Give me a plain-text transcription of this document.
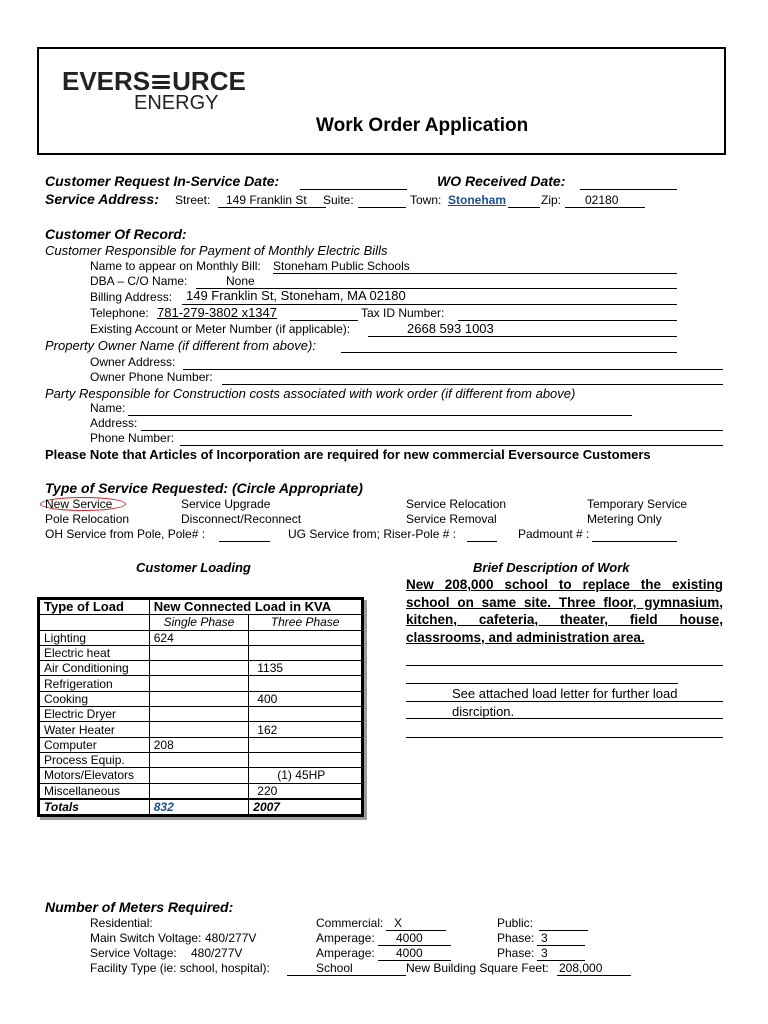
EVERS URCE
ENERGY
Work Order Application
Customer Request In-Service Date:	WO Received Date:
Service Address: Street:	149 Franklin St	Suite:	Town: Stoneham	Zip:	02180
Customer Of Record:
Customer Responsible for Payment of Monthly Electric Bills
Name to appear on Monthly Bill: Stoneham Public Schools
DBA – C/O Name:	None
Billing Address: 149 Franklin St, Stoneham, MA 02180
Telephone: 781-279-3802 x1347	Tax ID Number:
Existing Account or Meter Number (if applicable):	2668 593 1003
Property Owner Name (if different from above):
Owner Address:
Owner Phone Number:
Party Responsible for Construction costs associated with work order (if different from above)
Name:
Address:
Phone Number:
Please Note that Articles of Incorporation are required for new commercial Eversource Customers
Type of Service Requested: (Circle Appropriate)
New Service	Service Upgrade	Service Relocation	Temporary Service
Pole Relocation	Disconnect/Reconnect	Service Removal	Metering Only
OH Service from Pole, Pole# :	UG Service from; Riser-Pole # :	Padmount # :
Customer Loading
Type of Load	New Connected Load in KVA	
	Single Phase	Three Phase
Lighting	624	
Electric heat		
Air Conditioning		1135
Refrigeration		
Cooking		400
Electric Dryer		
Water Heater		162
Computer	208	
Process Equip.		
Motors/Elevators		(1) 45HP
Miscellaneous		220
Totals	832	2007
Brief Description of Work
New 208,000 school to replace the existing school on same site. Three floor, gymnasium, kitchen, cafeteria, theater, field house, classrooms, and administration area.
See attached load letter for further load
disrciption.
Number of Meters Required:
Residential:	Commercial: X	Public:
Main Switch Voltage: 480/277V	Amperage:	4000	Phase: 3
Service Voltage: 480/277V	Amperage:	4000	Phase: 3
Facility Type (ie: school, hospital):	School	New Building Square Feet: 208,000
